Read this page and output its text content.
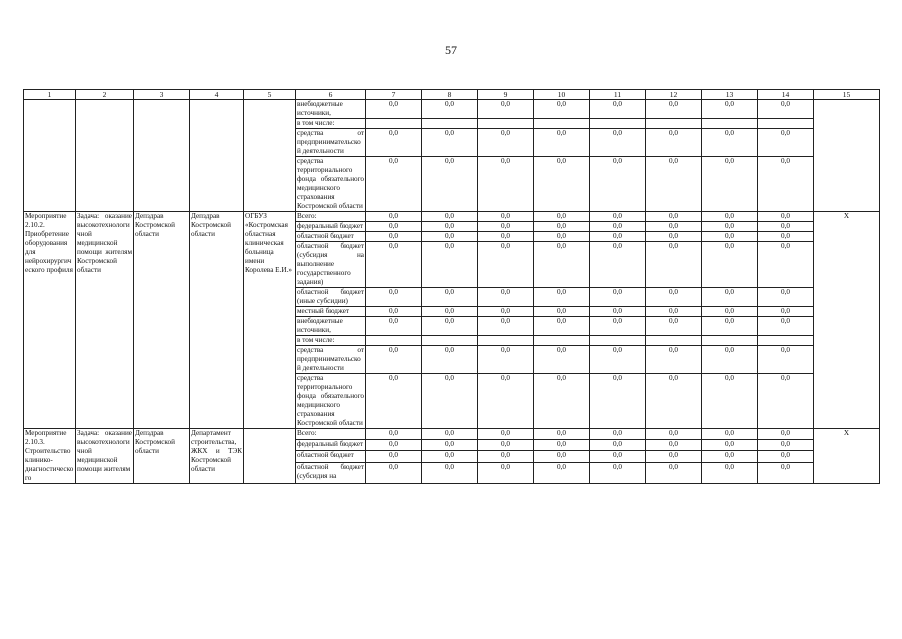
57
1	2	3	4	5	6	7	8	9	10	11	12	13	14	15
					внебюджетные источники,	0,0	0,0	0,0	0,0	0,0	0,0	0,0	0,0	
					в том числе:									
					средства от предпринимательской деятельности	0,0	0,0	0,0	0,0	0,0	0,0	0,0	0,0	
					средства территориального фонда обязательного медицинского страхования Костромской области	0,0	0,0	0,0	0,0	0,0	0,0	0,0	0,0	
Мероприятие 2.10.2. Приобретение оборудования для нейрохирургического профиля	Задача: оказание высокотехнологичной медицинской помощи жителям Костромской области	Депздрав Костромской области	Депздрав Костромской области	ОГБУЗ «Костромская областная клиническая больница имени Королева Е.И.»	Всего:	0,0	0,0	0,0	0,0	0,0	0,0	0,0	0,0	X
					федеральный бюджет	0,0	0,0	0,0	0,0	0,0	0,0	0,0	0,0	
					областной бюджет	0,0	0,0	0,0	0,0	0,0	0,0	0,0	0,0	
					областной бюджет (субсидия на выполнение государственного задания)	0,0	0,0	0,0	0,0	0,0	0,0	0,0	0,0	
					областной бюджет (иные субсидии)	0,0	0,0	0,0	0,0	0,0	0,0	0,0	0,0	
					местный бюджет	0,0	0,0	0,0	0,0	0,0	0,0	0,0	0,0	
					внебюджетные источники,	0,0	0,0	0,0	0,0	0,0	0,0	0,0	0,0	
					в том числе:									
					средства от предпринимательской деятельности	0,0	0,0	0,0	0,0	0,0	0,0	0,0	0,0	
					средства территориального фонда обязательного медицинского страхования Костромской области	0,0	0,0	0,0	0,0	0,0	0,0	0,0	0,0	
Мероприятие 2.10.3. Строительство клинико-диагностического	Задача: оказание высокотехнологичной медицинской помощи жителям	Депздрав Костромской области	Департамент строительства, ЖКХ и ТЭК Костромской области		Всего:	0,0	0,0	0,0	0,0	0,0	0,0	0,0	0,0	X
					федеральный бюджет	0,0	0,0	0,0	0,0	0,0	0,0	0,0	0,0	
					областной бюджет	0,0	0,0	0,0	0,0	0,0	0,0	0,0	0,0	
					областной бюджет (субсидия на	0,0	0,0	0,0	0,0	0,0	0,0	0,0	0,0	
